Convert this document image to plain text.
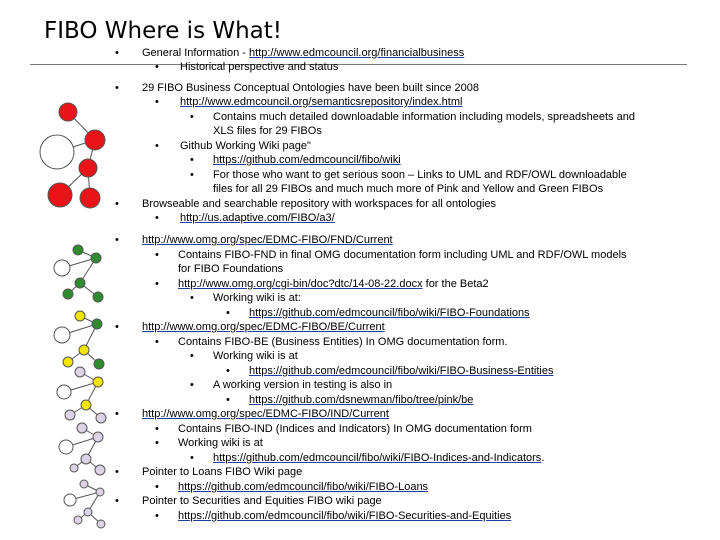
FIBO Where is What!
• General Information - http://www.edmcouncil.org/financialbusiness
• Historical perspective and status
• 29 FIBO Business Conceptual Ontologies have been built since 2008
• http://www.edmcouncil.org/semanticsrepository/index.html
• Contains much detailed downloadable information including models, spreadsheets and
XLS files for 29 FIBOs
• Github Working Wiki page"
• https://github.com/edmcouncil/fibo/wiki
• For those who want to get serious soon – Links to UML and RDF/OWL downloadable
files for all 29 FIBOs and much much more of Pink and Yellow and Green FIBOs
• Browseable and searchable repository with workspaces for all ontologies
• http://us.adaptive.com/FIBO/a3/
• http://www.omg.org/spec/EDMC-FIBO/FND/Current
• Contains FIBO-FND in final OMG documentation form including UML and RDF/OWL models
for FIBO Foundations
• http://www.omg.org/cgi-bin/doc?dtc/14-08-22.docx for the Beta2
• Working wiki is at:
• https://github.com/edmcouncil/fibo/wiki/FIBO-Foundations
• http://www.omg.org/spec/EDMC-FIBO/BE/Current
• Contains FIBO-BE (Business Entities) In OMG documentation form.
• Working wiki is at
• https://github.com/edmcouncil/fibo/wiki/FIBO-Business-Entities
• A working version in testing is also in
• https://github.com/dsnewman/fibo/tree/pink/be
• http://www.omg.org/spec/EDMC-FIBO/IND/Current
• Contains FIBO-IND (Indices and Indicators) In OMG documentation form
• Working wiki is at
• https://github.com/edmcouncil/fibo/wiki/FIBO-Indices-and-Indicators.
• Pointer to Loans FIBO Wiki page
• https://github.com/edmcouncil/fibo/wiki/FIBO-Loans
• Pointer to Securities and Equities FIBO wiki page
• https://github.com/edmcouncil/fibo/wiki/FIBO-Securities-and-Equities
